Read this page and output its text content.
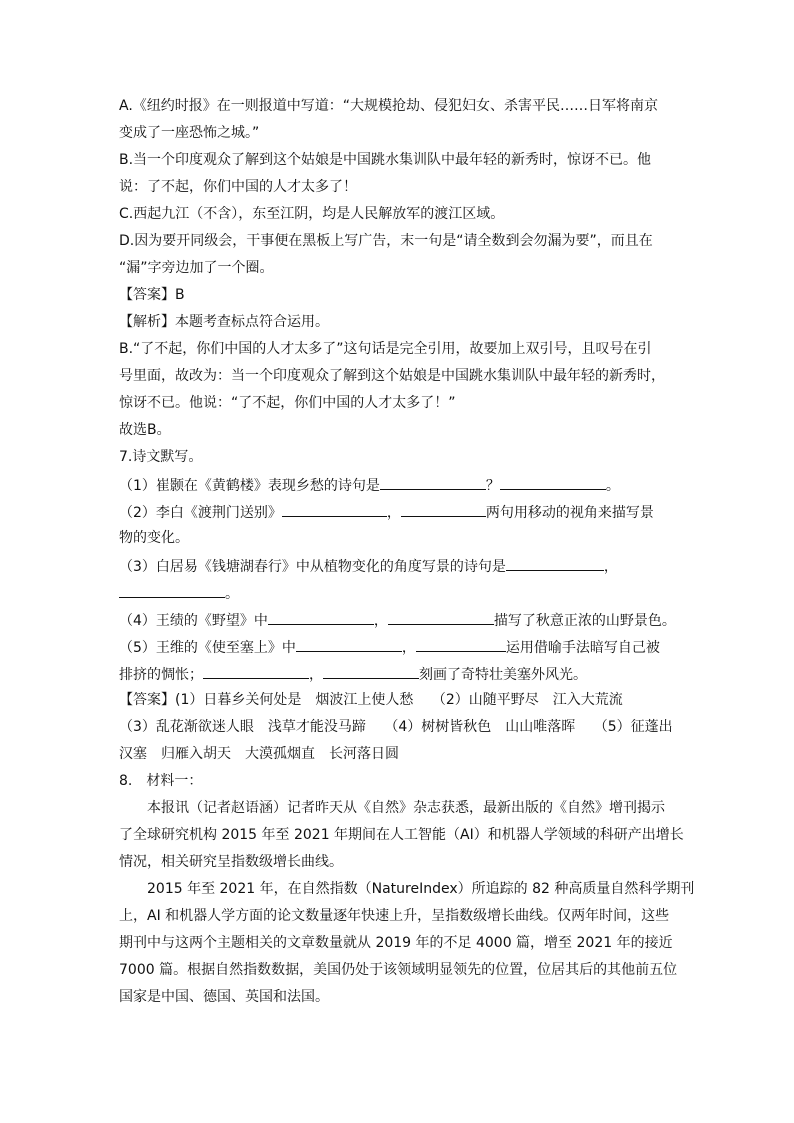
A.《纽约时报》在一则报道中写道：“大规模抢劫、侵犯妇女、杀害平民……日军将南京
变成了一座恐怖之城。”
B.当一个印度观众了解到这个姑娘是中国跳水集训队中最年轻的新秀时，惊讶不已。他
说：了不起，你们中国的人才太多了！
C.西起九江（不含），东至江阴，均是人民解放军的渡江区域。
D.因为要开同级会，干事便在黑板上写广告，末一句是“请全数到会勿漏为要”，而且在
“漏”字旁边加了一个圈。
【答案】B
【解析】本题考查标点符合运用。
B.“了不起，你们中国的人才太多了”这句话是完全引用，故要加上双引号，且叹号在引
号里面，故改为：当一个印度观众了解到这个姑娘是中国跳水集训队中最年轻的新秀时，
惊讶不已。他说：“了不起，你们中国的人才太多了！”
故选B。
7.诗文默写。
（1）崔颢在《黄鹤楼》表现乡愁的诗句是	？	。
（2）李白《渡荆门送别》	，	两句用移动的视角来描写景
物的变化。
（3）白居易《钱塘湖春行》中从植物变化的角度写景的诗句是	，
。
（4）王绩的《野望》中	，	描写了秋意正浓的山野景色。
（5）王维的《使至塞上》中	，	运用借喻手法暗写自己被
排挤的惆怅；	，	刻画了奇特壮美塞外风光。
【答案】(1）日暮乡关何处是　烟波江上使人愁　 （2）山随平野尽　江入大荒流
（3）乱花渐欲迷人眼　浅草才能没马蹄　 （4）树树皆秋色　山山唯落晖　 （5）征蓬出
汉塞　归雁入胡天　大漠孤烟直　长河落日圆
8.　材料一：
本报讯（记者赵语涵）记者昨天从《自然》杂志获悉，最新出版的《自然》增刊揭示
了全球研究机构 2015 年至 2021 年期间在人工智能（AI）和机器人学领域的科研产出增长
情况，相关研究呈指数级增长曲线。
2015 年至 2021 年，在自然指数（NatureIndex）所追踪的 82 种高质量自然科学期刊
上，AI 和机器人学方面的论文数量逐年快速上升，呈指数级增长曲线。仅两年时间，这些
期刊中与这两个主题相关的文章数量就从 2019 年的不足 4000 篇，增至 2021 年的接近
7000 篇。根据自然指数数据，美国仍处于该领域明显领先的位置，位居其后的其他前五位
国家是中国、德国、英国和法国。
